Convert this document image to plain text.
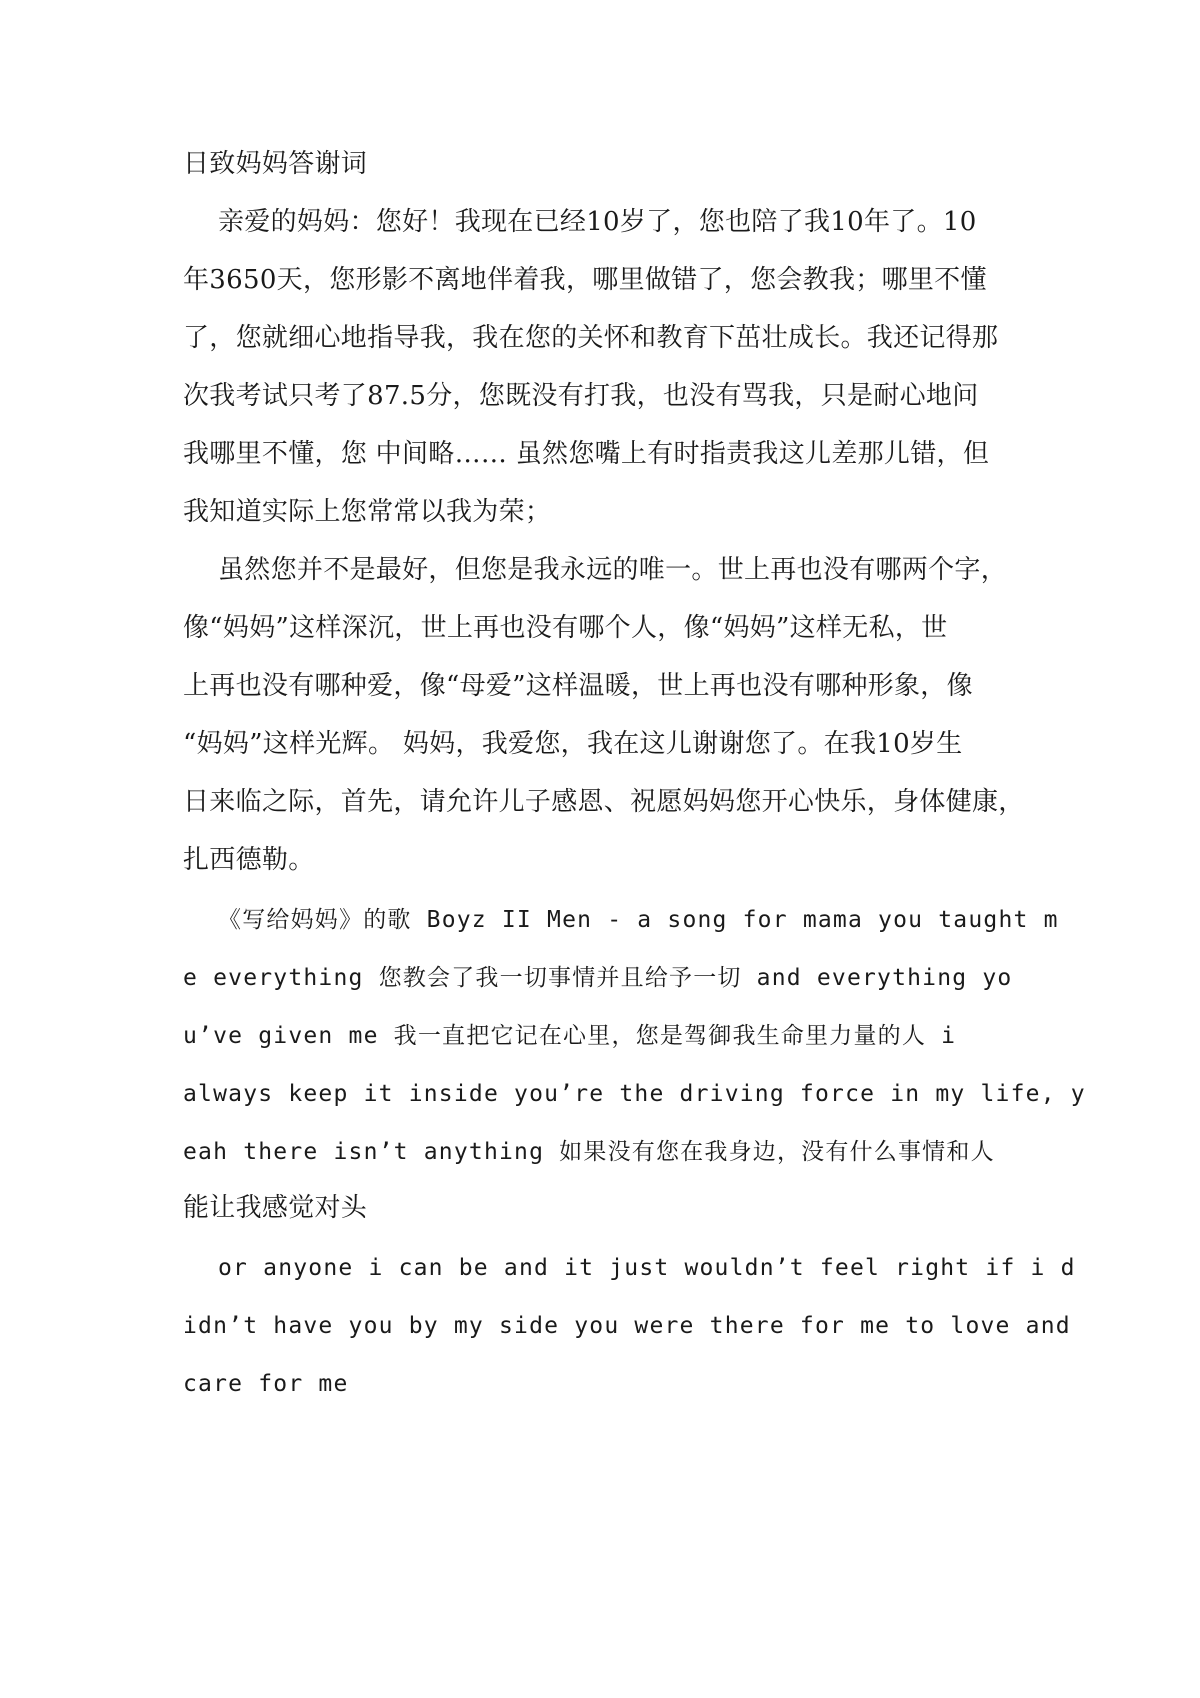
日致妈妈答谢词
亲爱的妈妈：您好！我现在已经10岁了，您也陪了我10年了。10
年3650天，您形影不离地伴着我，哪里做错了，您会教我；哪里不懂
了，您就细心地指导我，我在您的关怀和教育下茁壮成长。我还记得那
次我考试只考了87.5分，您既没有打我，也没有骂我，只是耐心地问
我哪里不懂，您 中间略…… 虽然您嘴上有时指责我这儿差那儿错，但
我知道实际上您常常以我为荣；
虽然您并不是最好，但您是我永远的唯一。世上再也没有哪两个字，
像“妈妈”这样深沉，世上再也没有哪个人，像“妈妈”这样无私，世
上再也没有哪种爱，像“母爱”这样温暖，世上再也没有哪种形象，像
“妈妈”这样光辉。 妈妈，我爱您，我在这儿谢谢您了。在我10岁生
日来临之际，首先，请允许儿子感恩、祝愿妈妈您开心快乐，身体健康，
扎西德勒。
《写给妈妈》的歌 Boyz II Men - a song for mama you taught m
e everything 您教会了我一切事情并且给予一切 and everything yo
u’ve given me 我一直把它记在心里，您是驾御我生命里力量的人 i
always keep it inside you’re the driving force in my life, y
eah there isn’t anything 如果没有您在我身边，没有什么事情和人
能让我感觉对头
or anyone i can be and it just wouldn’t feel right if i d
idn’t have you by my side you were there for me to love and
care for me
